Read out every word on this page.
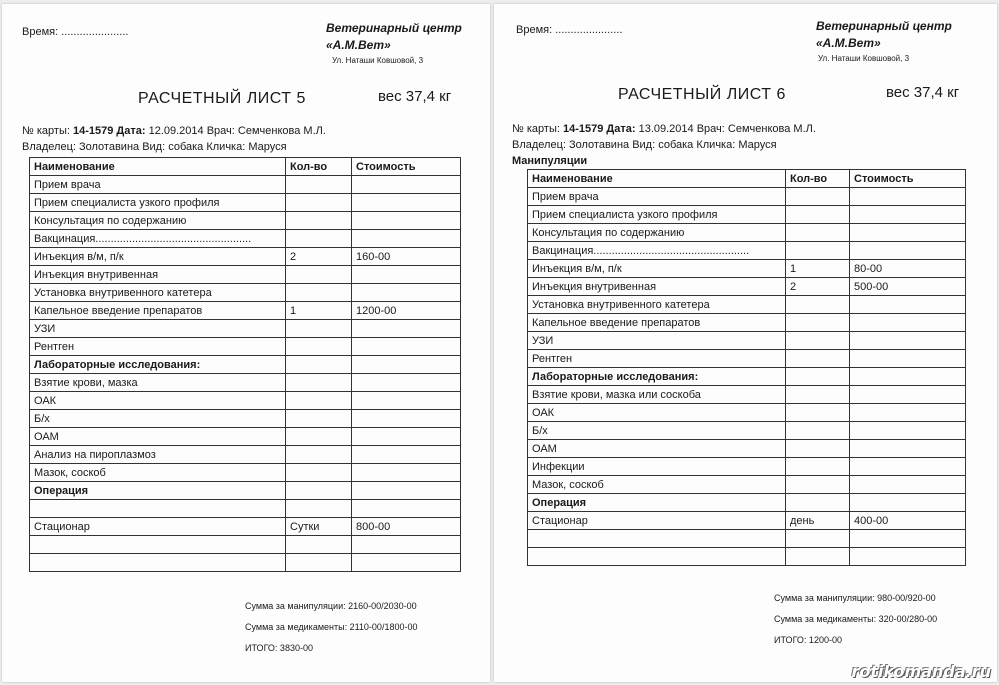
Время: ......................	Ветеринарный центр
«А.М.Вет»
Ул. Наташи Ковшовой, 3
РАСЧЕТНЫЙ ЛИСТ 5	вес 37,4 кг
№ карты: 14-1579 Дата: 12.09.2014 Врач: Семченкова М.Л.
Владелец: Золотавина Вид: собака Кличка: Маруся
Наименование	Кол-во	Стоимость
Прием врача		
Прием специалиста узкого профиля		
Консультация по содержанию		
Вакцинация...................................................		
Инъекция в/м, п/к	2	160-00
Инъекция внутривенная		
Установка внутривенного катетера		
Капельное введение препаратов	1	1200-00
УЗИ		
Рентген		
Лабораторные исследования:		
Взятие крови, мазка		
ОАК		
Б/х		
ОАМ		
Анализ на пироплазмоз		
Мазок, соскоб		
Операция		

Стационар	Сутки	800-00

Сумма за манипуляции: 2160-00/2030-00
Сумма за медикаменты: 2110-00/1800-00
ИТОГО: 3830-00
Время: ......................	Ветеринарный центр
«А.М.Вет»
Ул. Наташи Ковшовой, 3
РАСЧЕТНЫЙ ЛИСТ 6	вес 37,4 кг
№ карты: 14-1579 Дата: 13.09.2014 Врач: Семченкова М.Л.
Владелец: Золотавина Вид: собака Кличка: Маруся
Манипуляции
Наименование	Кол-во	Стоимость
Прием врача		
Прием специалиста узкого профиля		
Консультация по содержанию		
Вакцинация...................................................		
Инъекция в/м, п/к	1	80-00
Инъекция внутривенная	2	500-00
Установка внутривенного катетера		
Капельное введение препаратов		
УЗИ		
Рентген		
Лабораторные исследования:		
Взятие крови, мазка или соскоба		
ОАК		
Б/х		
ОАМ		
Инфекции		
Мазок, соскоб		
Операция		
Стационар	день	400-00

Сумма за манипуляции: 980-00/920-00
Сумма за медикаменты: 320-00/280-00
ИТОГО: 1200-00
rotikomanda.ru
